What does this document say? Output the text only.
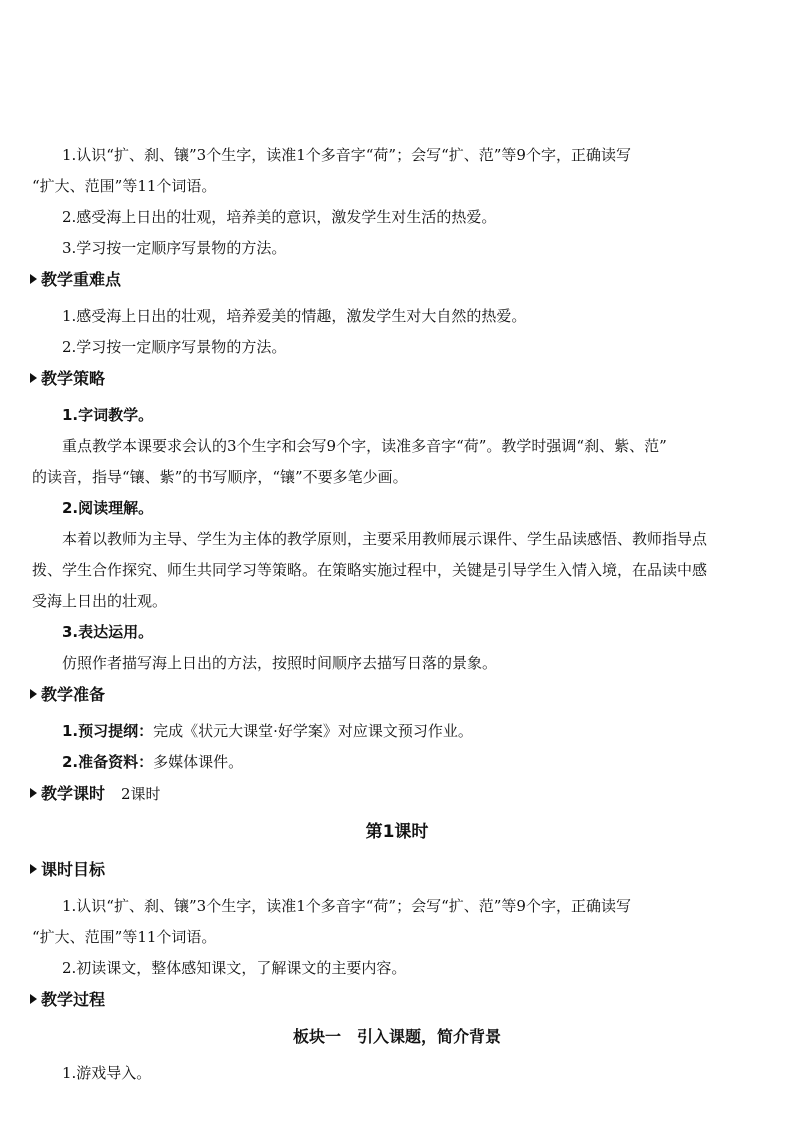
1.认识“扩、刹、镶”3个生字，读准1个多音字“荷”；会写“扩、范”等9个字，正确读写
“扩大、范围”等11个词语。
2.感受海上日出的壮观，培养美的意识，激发学生对生活的热爱。
3.学习按一定顺序写景物的方法。
教学重难点
1.感受海上日出的壮观，培养爱美的情趣，激发学生对大自然的热爱。
2.学习按一定顺序写景物的方法。
教学策略
1.字词教学。
重点教学本课要求会认的3个生字和会写9个字，读准多音字“荷”。教学时强调“刹、紫、范”
的读音，指导“镶、紫”的书写顺序，“镶”不要多笔少画。
2.阅读理解。
本着以教师为主导、学生为主体的教学原则，主要采用教师展示课件、学生品读感悟、教师指导点
拨、学生合作探究、师生共同学习等策略。在策略实施过程中，关键是引导学生入情入境，在品读中感
受海上日出的壮观。
3.表达运用。
仿照作者描写海上日出的方法，按照时间顺序去描写日落的景象。
教学准备
1.预习提纲：完成《状元大课堂·好学案》对应课文预习作业。
2.准备资料：多媒体课件。
教学课时 2课时
第1课时
课时目标
1.认识“扩、刹、镶”3个生字，读准1个多音字“荷”；会写“扩、范”等9个字，正确读写
“扩大、范围”等11个词语。
2.初读课文，整体感知课文，了解课文的主要内容。
教学过程
板块一　引入课题，简介背景
1.游戏导入。
